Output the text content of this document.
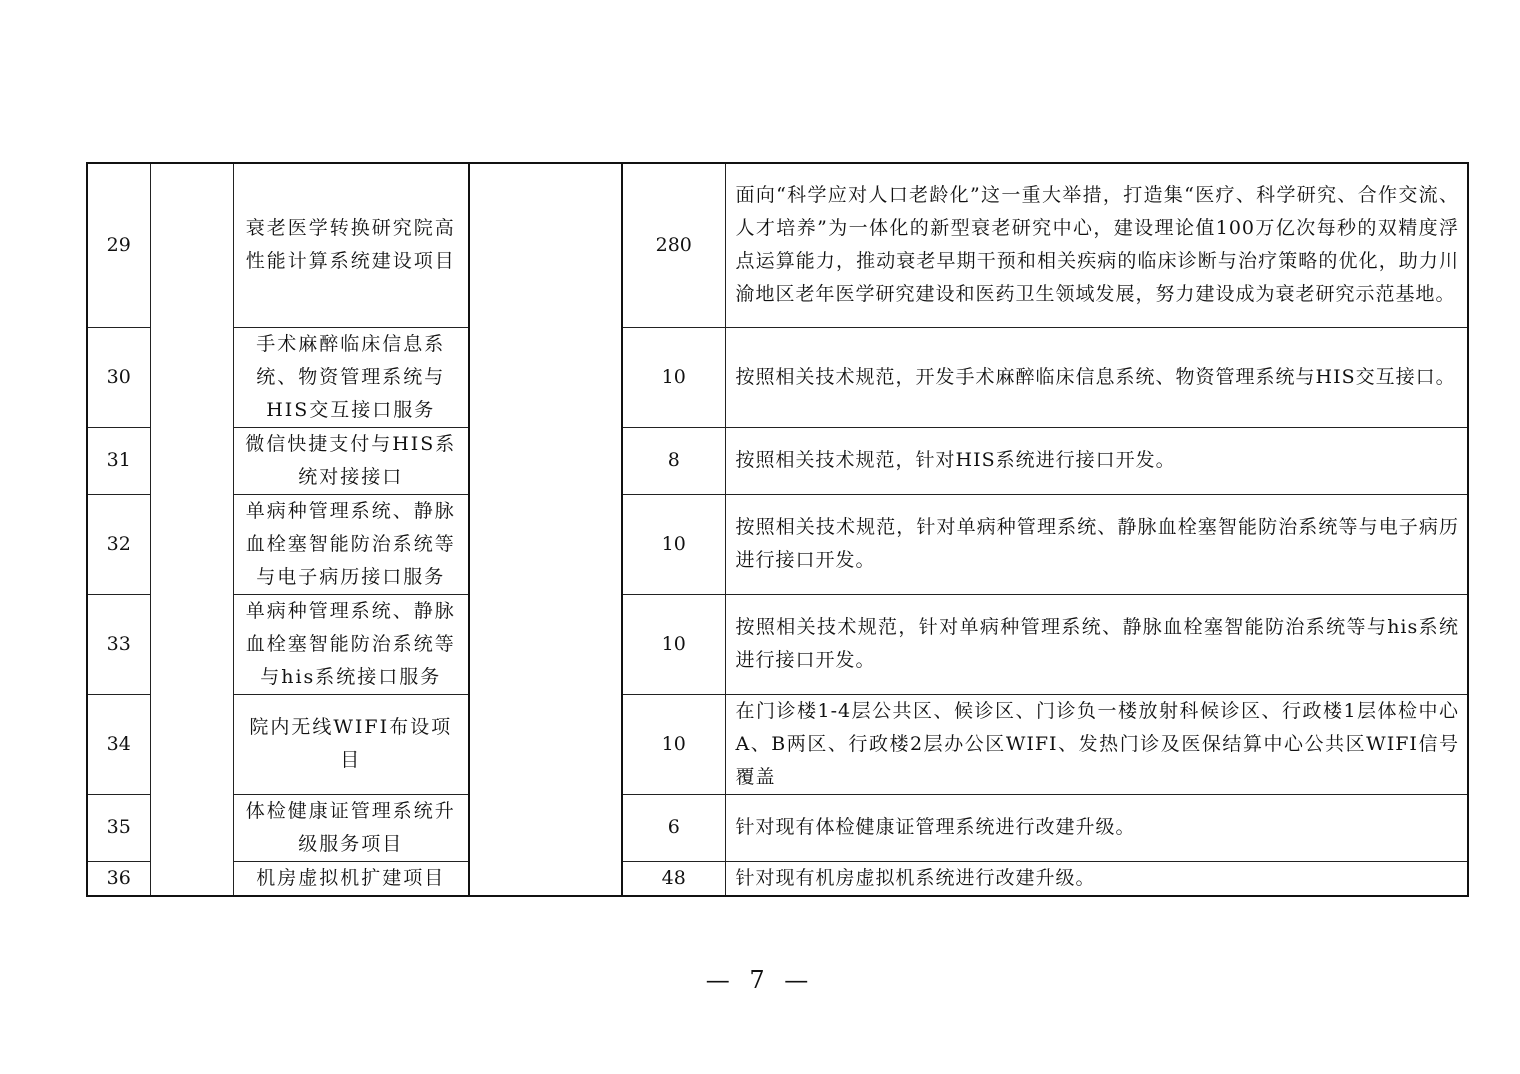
29		衰老医学转换研究院高性能计算系统建设项目		280	面向“科学应对人口老龄化”这一重大举措，打造集“医疗、科学研究、合作交流、人才培养”为一体化的新型衰老研究中心，建设理论值100万亿次每秒的双精度浮点运算能力，推动衰老早期干预和相关疾病的临床诊断与治疗策略的优化，助力川渝地区老年医学研究建设和医药卫生领域发展，努力建设成为衰老研究示范基地。
30		手术麻醉临床信息系统、物资管理系统与HIS交互接口服务		10	按照相关技术规范，开发手术麻醉临床信息系统、物资管理系统与HIS交互接口。
31		微信快捷支付与HIS系统对接接口		8	按照相关技术规范，针对HIS系统进行接口开发。
32		单病种管理系统、静脉血栓塞智能防治系统等与电子病历接口服务		10	按照相关技术规范，针对单病种管理系统、静脉血栓塞智能防治系统等与电子病历进行接口开发。
33		单病种管理系统、静脉血栓塞智能防治系统等与his系统接口服务		10	按照相关技术规范，针对单病种管理系统、静脉血栓塞智能防治系统等与his系统进行接口开发。
34		院内无线WIFI布设项目		10	在门诊楼1-4层公共区、候诊区、门诊负一楼放射科候诊区、行政楼1层体检中心A、B两区、行政楼2层办公区WIFI、发热门诊及医保结算中心公共区WIFI信号覆盖
35		体检健康证管理系统升级服务项目		6	针对现有体检健康证管理系统进行改建升级。
36		机房虚拟机扩建项目		48	针对现有机房虚拟机系统进行改建升级。
— 7 —
